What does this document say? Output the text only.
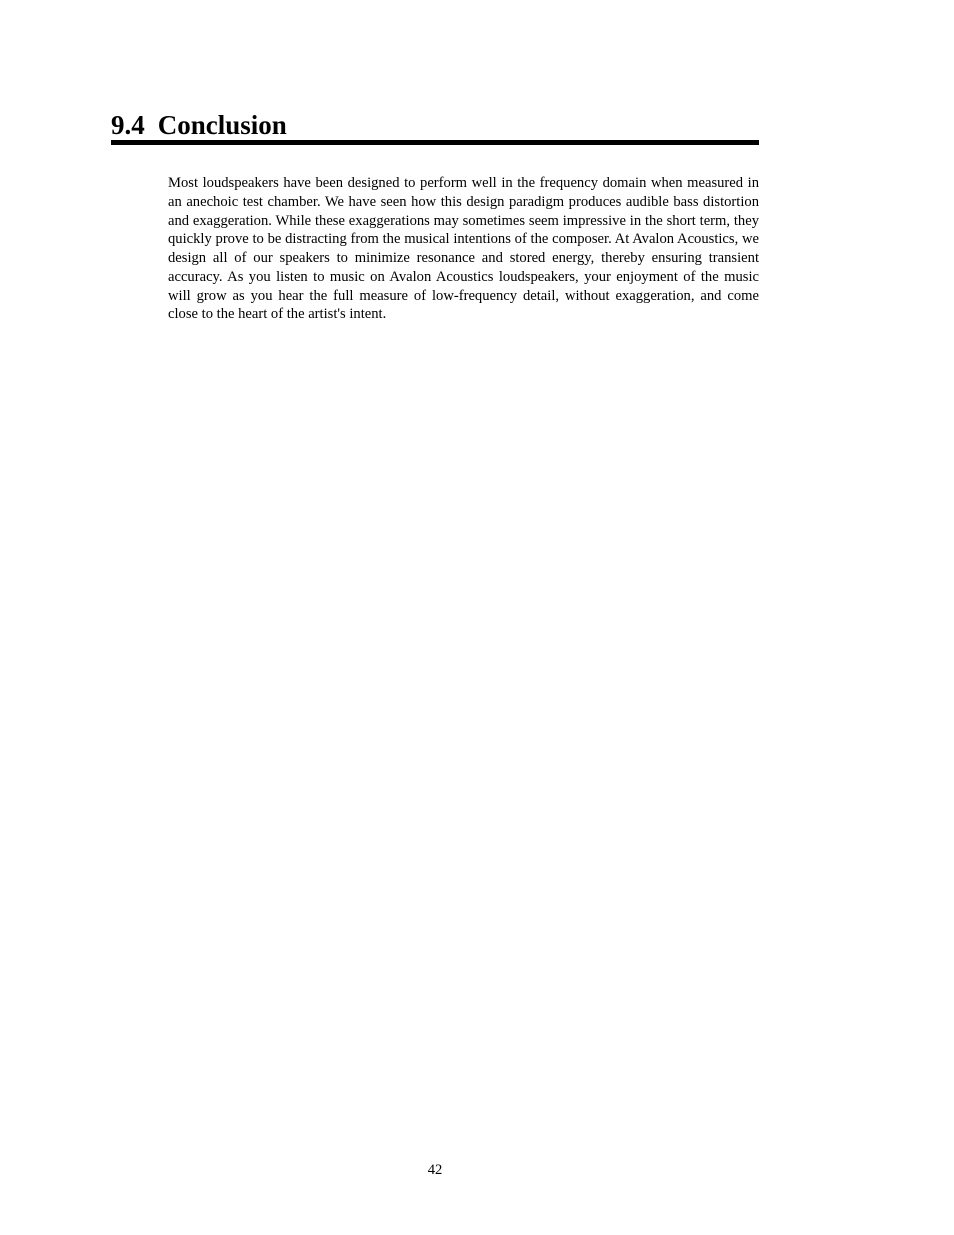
9.4 Conclusion

Most loudspeakers have been designed to perform well in the frequency domain when measured in an anechoic test chamber. We have seen how this design paradigm produces audible bass distortion and exaggeration. While these exaggerations may sometimes seem impressive in the short term, they quickly prove to be distracting from the musical intentions of the composer. At Avalon Acoustics, we design all of our speakers to minimize resonance and stored energy, thereby ensuring transient accuracy. As you listen to music on Avalon Acoustics loudspeakers, your enjoyment of the music will grow as you hear the full measure of low-frequency detail, without exaggeration, and come close to the heart of the artist's intent.

42
